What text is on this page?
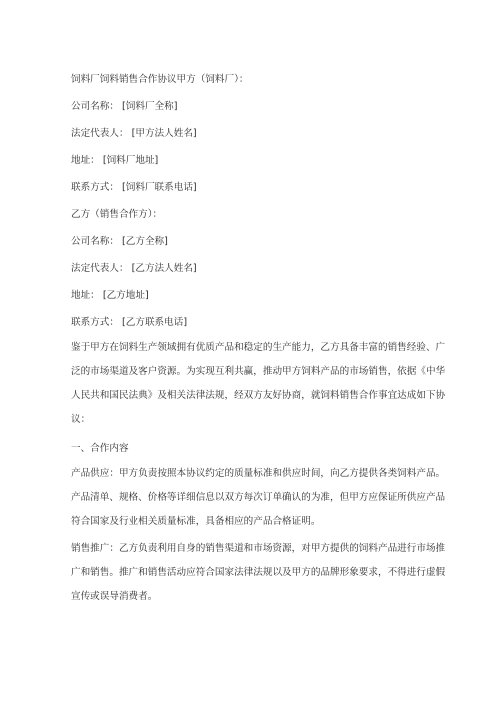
饲料厂饲料销售合作协议甲方（饲料厂）：
公司名称： [饲料厂全称]
法定代表人： [甲方法人姓名]
地址： [饲料厂地址]
联系方式： [饲料厂联系电话]
乙方（销售合作方）：
公司名称： [乙方全称]
法定代表人： [乙方法人姓名]
地址： [乙方地址]
联系方式： [乙方联系电话]
鉴于甲方在饲料生产领域拥有优质产品和稳定的生产能力，乙方具备丰富的销售经验、广
泛的市场渠道及客户资源。为实现互利共赢，推动甲方饲料产品的市场销售，依据《中华
人民共和国民法典》及相关法律法规，经双方友好协商，就饲料销售合作事宜达成如下协
议：
一、合作内容
产品供应：甲方负责按照本协议约定的质量标准和供应时间，向乙方提供各类饲料产品。
产品清单、规格、价格等详细信息以双方每次订单确认的为准，但甲方应保证所供应产品
符合国家及行业相关质量标准，具备相应的产品合格证明。
销售推广：乙方负责利用自身的销售渠道和市场资源，对甲方提供的饲料产品进行市场推
广和销售。推广和销售活动应符合国家法律法规以及甲方的品牌形象要求，不得进行虚假
宣传或误导消费者。
